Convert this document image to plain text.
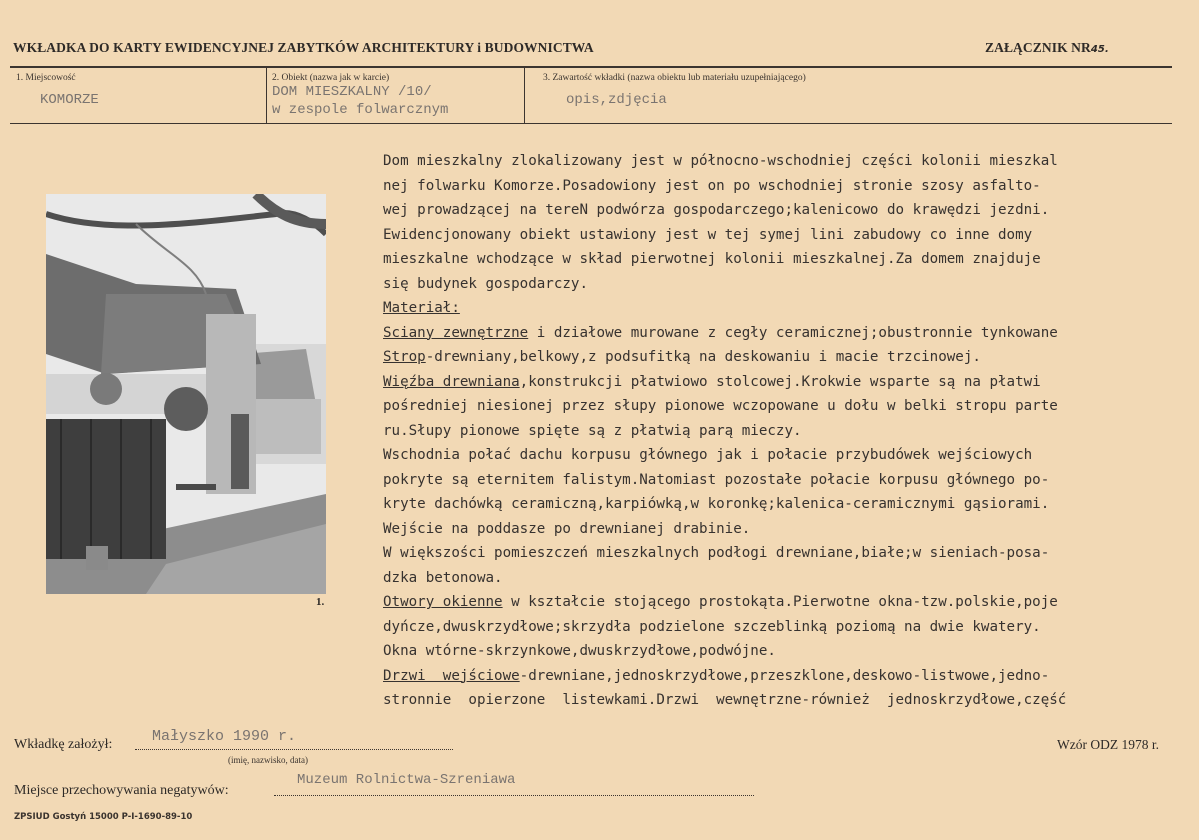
WKŁADKA DO KARTY EWIDENCYJNEJ ZABYTKÓW ARCHITEKTURY i BUDOWNICTWA	ZAŁĄCZNIK NR45.
1. Miejscowość
KOMORZE
2. Obiekt (nazwa jak w karcie)
DOM MIESZKALNY /10/
w zespole folwarcznym
3. Zawartość wkładki (nazwa obiektu lub materiału uzupełniającego)
opis,zdjęcia
1.
Dom mieszkalny zlokalizowany jest w północno-wschodniej części kolonii mieszkal
nej folwarku Komorze.Posadowiony jest on po wschodniej stronie szosy asfalto-
wej prowadzącej na tereN podwórza gospodarczego;kalenicowo do krawędzi jezdni.
Ewidencjonowany obiekt ustawiony jest w tej symej lini zabudowy co inne domy
mieszkalne wchodzące w skład pierwotnej kolonii mieszkalnej.Za domem znajduje
się budynek gospodarczy.
Materiał:
Sciany zewnętrzne i działowe murowane z cegły ceramicznej;obustronnie tynkowane
Strop-drewniany,belkowy,z podsufitką na deskowaniu i macie trzcinowej.
Więźba drewniana,konstrukcji płatwiowo stolcowej.Krokwie wsparte są na płatwi
pośredniej niesionej przez słupy pionowe wczopowane u dołu w belki stropu parte
ru.Słupy pionowe spięte są z płatwią parą mieczy.
Wschodnia połać dachu korpusu głównego jak i połacie przybudówek wejściowych
pokryte są eternitem falistym.Natomiast pozostałe połacie korpusu głównego po-
kryte dachówką ceramiczną,karpiówką,w koronkę;kalenica-ceramicznymi gąsiorami.
Wejście na poddasze po drewnianej drabinie.
W większości pomieszczeń mieszkalnych podłogi drewniane,białe;w sieniach-posa-
dzka betonowa.
Otwory okienne w kształcie stojącego prostokąta.Pierwotne okna-tzw.polskie,poje
dyńcze,dwuskrzydłowe;skrzydła podzielone szczeblinką poziomą na dwie kwatery.
Okna wtórne-skrzynkowe,dwuskrzydłowe,podwójne.
Drzwi  wejściowe-drewniane,jednoskrzydłowe,przeszklone,deskowo-listwowe,jedno-
stronnie  opierzone  listewkami.Drzwi  wewnętrzne-również  jednoskrzydłowe,część
Wkładkę założył:	Małyszko 1990 r.
(imię, nazwisko, data)
Wzór ODZ 1978 r.
Miejsce przechowywania negatywów:
Muzeum Rolnictwa-Szreniawa
ZPSIUD Gostyń 15000 P-I-1690-89-10
